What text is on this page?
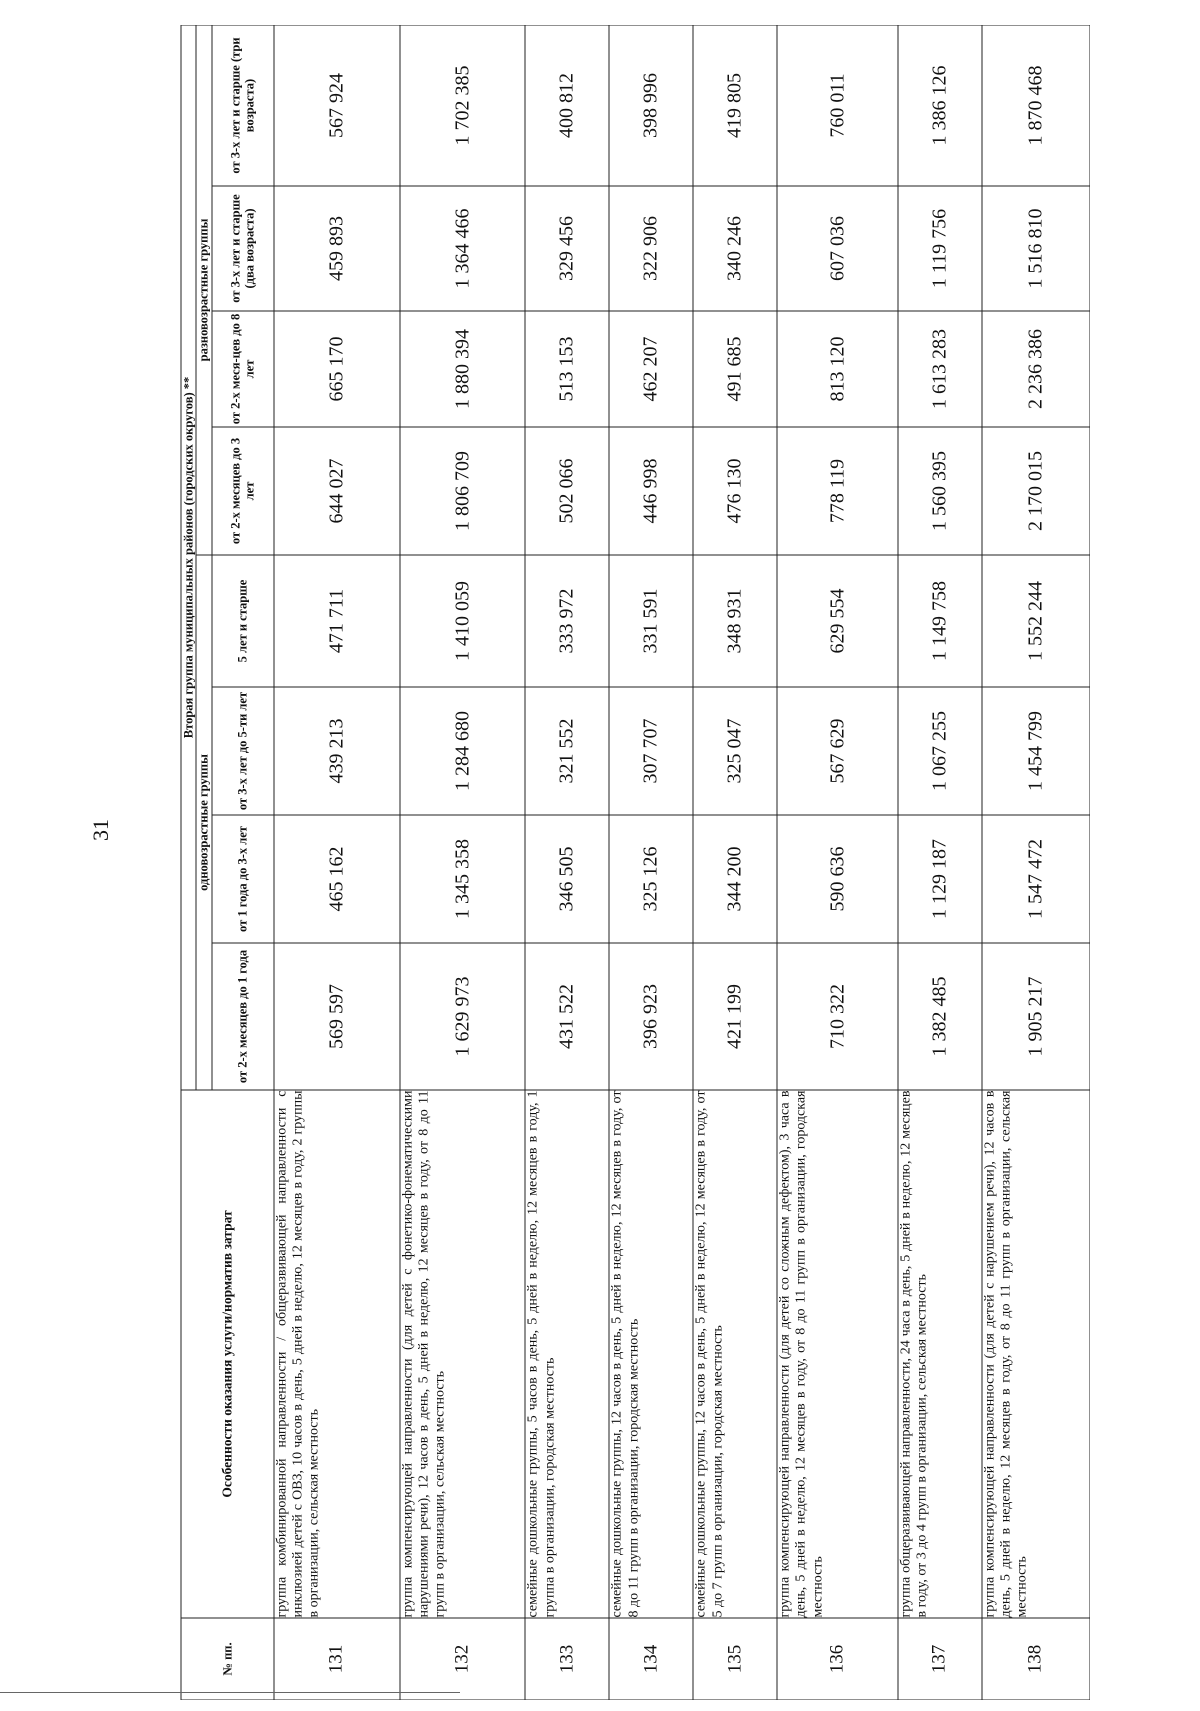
31
№ пп.	Особенности оказания услуги/норматив затрат	Вторая группа муниципальных районов (городских округов) **							
		одновозрастные группы				разновозрастные группы			
		от 2-х месяцев до 1 года	от 1 года до 3-х лет	от 3-х лет до 5-ти лет	5 лет и старше	от 2-х месяцев до 3 лет	от 2-х меся-цев до 8 лет	от 3-х лет и старше (два возраста)	от 3-х лет и старше (три возраста)
131	группа комбинированной направленности / общеразвивающей направленности с инклюзией детей с ОВЗ, 10 часов в день, 5 дней в неделю, 12 месяцев в году, 2 группы в организации, сельская местность	569 597	465 162	439 213	471 711	644 027	665 170	459 893	567 924
132	группа компенсирующей направленности (для детей с фонетико-фонематическими нарушениями речи), 12 часов в день, 5 дней в неделю, 12 месяцев в году, от 8 до 11 групп в организации, сельская местность	1 629 973	1 345 358	1 284 680	1 410 059	1 806 709	1 880 394	1 364 466	1 702 385
133	семейные дошкольные группы, 5 часов в день, 5 дней в неделю, 12 месяцев в году, 1 группа в организации, городская местность	431 522	346 505	321 552	333 972	502 066	513 153	329 456	400 812
134	семейные дошкольные группы, 12 часов в день, 5 дней в неделю, 12 месяцев в году, от 8 до 11 групп в организации, городская местность	396 923	325 126	307 707	331 591	446 998	462 207	322 906	398 996
135	семейные дошкольные группы, 12 часов в день, 5 дней в неделю, 12 месяцев в году, от 5 до 7 групп в организации, городская местность	421 199	344 200	325 047	348 931	476 130	491 685	340 246	419 805
136	группа компенсирующей направленности (для детей со сложным дефектом), 3 часа в день, 5 дней в неделю, 12 месяцев в году, от 8 до 11 групп в организации, городская местность	710 322	590 636	567 629	629 554	778 119	813 120	607 036	760 011
137	группа общеразвивающей направленности, 24 часа в день, 5 дней в неделю, 12 месяцев в году, от 3 до 4 групп в организации, сельская местность	1 382 485	1 129 187	1 067 255	1 149 758	1 560 395	1 613 283	1 119 756	1 386 126
138	группа компенсирующей направленности (для детей с нарушением речи), 12 часов в день, 5 дней в неделю, 12 месяцев в году, от 8 до 11 групп в организации, сельская местность	1 905 217	1 547 472	1 454 799	1 552 244	2 170 015	2 236 386	1 516 810	1 870 468
